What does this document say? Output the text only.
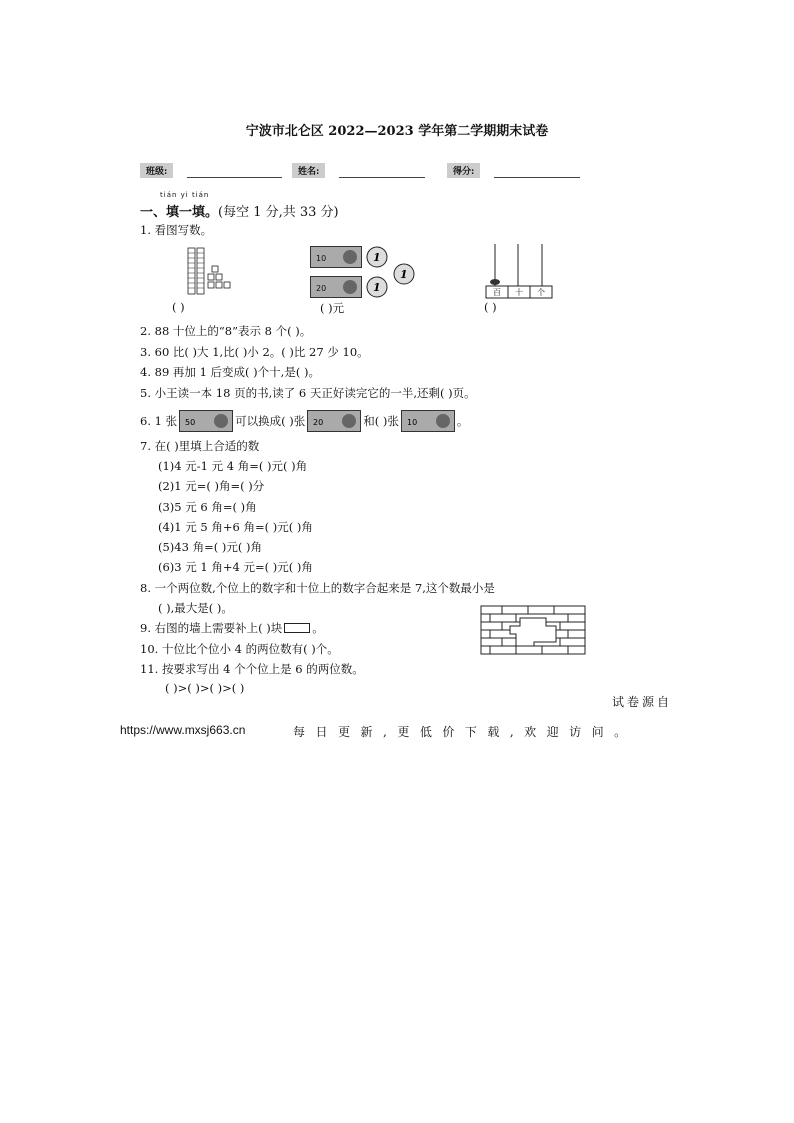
宁波市北仑区 2022—2023 学年第二学期期末试卷
班级:	姓名:	得分:
tián yi tián
一、填一填。(每空 1 分,共 33 分)
1. 看图写数。
( )
10
20
1
1
1
( )元
百	十	个
( )
2. 88 十位上的“8”表示 8 个( )。
3. 60 比( )大 1,比( )小 2。( )比 27 少 10。
4. 89 再加 1 后变成( )个十,是( )。
5. 小王读一本 18 页的书,读了 6 天正好读完它的一半,还剩( )页。
6. 1 张 50	可以换成( )张 20	和( )张 10	。
7. 在( )里填上合适的数
(1)4 元-1 元 4 角=( )元( )角
(2)1 元=( )角=( )分
(3)5 元 6 角=( )角
(4)1 元 5 角+6 角=( )元( )角
(5)43 角=( )元( )角
(6)3 元 1 角+4 元=( )元( )角
8. 一个两位数,个位上的数字和十位上的数字合起来是 7,这个数最小是
( ),最大是( )。
9. 右图的墙上需要补上( )块	。
10. 十位比个位小 4 的两位数有( )个。
11. 按要求写出 4 个个位上是 6 的两位数。
( )>( )>( )>( )
试卷源自
https://www.mxsj663.cn	每日更新,更低价下载,欢迎访问。
